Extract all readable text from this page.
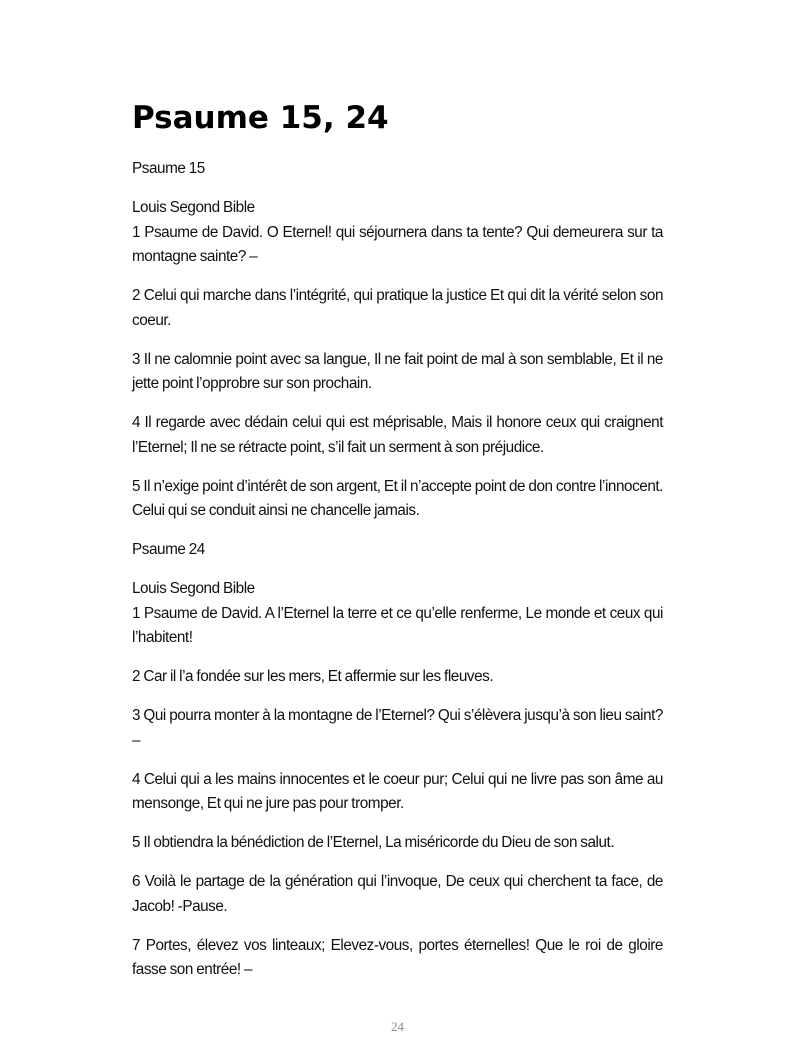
Psaume 15, 24

Psaume 15

Louis Segond Bible
1 Psaume de David. O Eternel! qui séjournera dans ta tente? Qui demeurera sur ta montagne sainte? –

2 Celui qui marche dans l’intégrité, qui pratique la justice Et qui dit la vérité selon son coeur.

3 Il ne calomnie point avec sa langue, Il ne fait point de mal à son semblable, Et il ne jette point l’opprobre sur son prochain.

4 Il regarde avec dédain celui qui est méprisable, Mais il honore ceux qui craignent l’Eternel; Il ne se rétracte point, s’il fait un serment à son préjudice.

5 Il n’exige point d’intérêt de son argent, Et il n’accepte point de don contre l’innocent. Celui qui se conduit ainsi ne chancelle jamais.

Psaume 24

Louis Segond Bible
1 Psaume de David. A l’Eternel la terre et ce qu’elle renferme, Le monde et ceux qui l’habitent!

2 Car il l’a fondée sur les mers, Et affermie sur les fleuves.

3 Qui pourra monter à la montagne de l’Eternel? Qui s’élèvera jusqu’à son lieu saint? –

4 Celui qui a les mains innocentes et le coeur pur; Celui qui ne livre pas son âme au mensonge, Et qui ne jure pas pour tromper.

5 Il obtiendra la bénédiction de l’Eternel, La miséricorde du Dieu de son salut.

6 Voilà le partage de la génération qui l’invoque, De ceux qui cherchent ta face, de Jacob! -Pause.

7 Portes, élevez vos linteaux; Elevez-vous, portes éternelles! Que le roi de gloire fasse son entrée! –

24
